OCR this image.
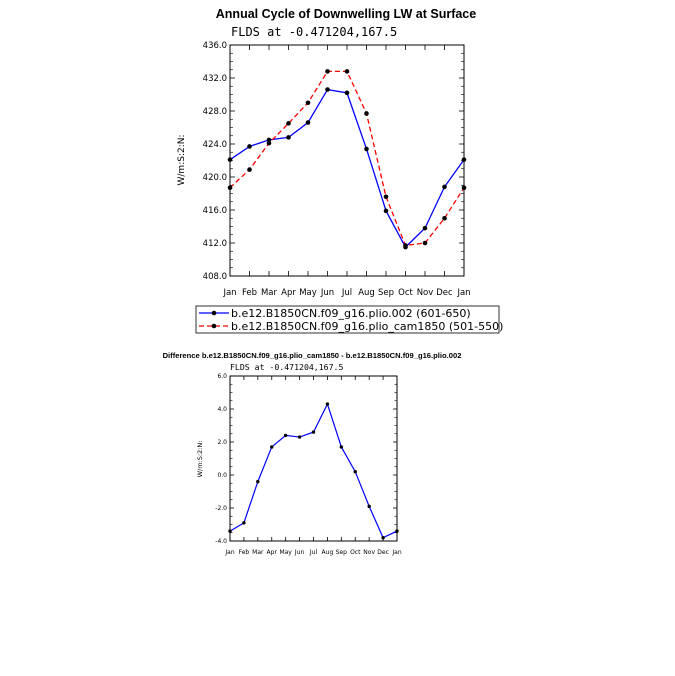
Annual Cycle of Downwelling LW at Surface
FLDS at -0.471204,167.5
W/m:S:2:N:
408.0
412.0
416.0
420.0
424.0
428.0
432.0
436.0
Jan Feb Mar Apr May Jun Jul Aug Sep Oct Nov Dec Jan
b.e12.B1850CN.f09_g16.plio.002 (601-650)
b.e12.B1850CN.f09_g16.plio_cam1850 (501-550)
Difference b.e12.B1850CN.f09_g16.plio_cam1850 - b.e12.B1850CN.f09_g16.plio.002
FLDS at -0.471204,167.5
W/m:S:2:N:
-4.0
-2.0
0.0
2.0
4.0
6.0
Jan Feb Mar Apr May Jun Jul Aug Sep Oct Nov Dec Jan
